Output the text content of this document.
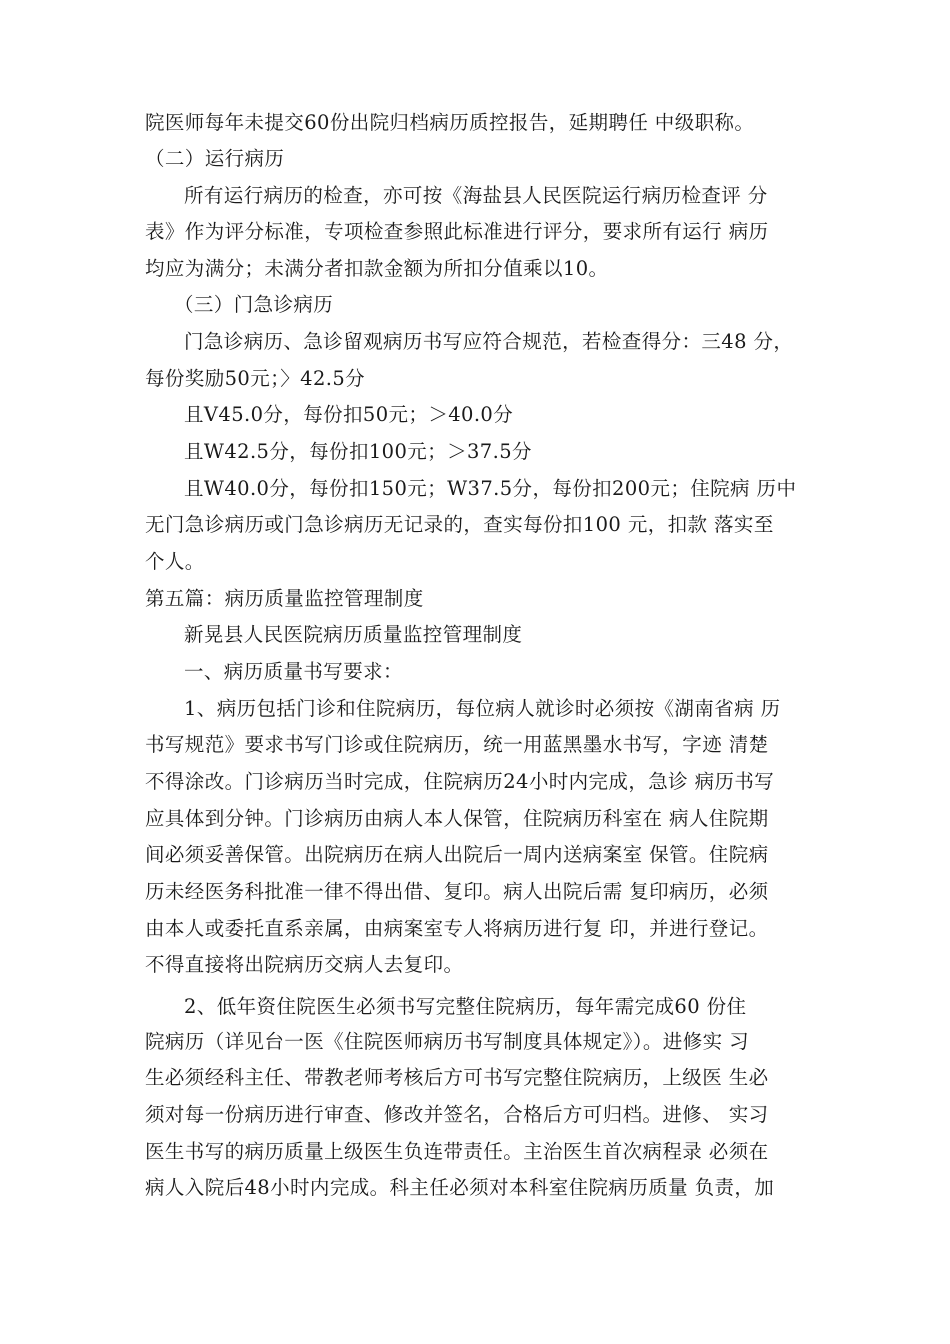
院医师每年未提交60份出院归档病历质控报告，延期聘任 中级职称。
（二）运行病历
所有运行病历的检查，亦可按《海盐县人民医院运行病历检查评 分
表》作为评分标准，专项检查参照此标准进行评分，要求所有运行 病历
均应为满分；未满分者扣款金额为所扣分值乘以10。
（三）门急诊病历
门急诊病历、急诊留观病历书写应符合规范，若检查得分：三48 分，
每份奖励50元；〉42.5分
且V45.0分，每份扣50元；＞40.0分
且W42.5分，每份扣100元；＞37.5分
且W40.0分，每份扣150元；W37.5分，每份扣200元；住院病 历中
无门急诊病历或门急诊病历无记录的，查实每份扣100 元，扣款 落实至
个人。
第五篇：病历质量监控管理制度
新晃县人民医院病历质量监控管理制度
一、病历质量书写要求：
1、病历包括门诊和住院病历，每位病人就诊时必须按《湖南省病 历
书写规范》要求书写门诊或住院病历，统一用蓝黑墨水书写，字迹 清楚
不得涂改。门诊病历当时完成，住院病历24小时内完成，急诊 病历书写
应具体到分钟。门诊病历由病人本人保管，住院病历科室在 病人住院期
间必须妥善保管。出院病历在病人出院后一周内送病案室 保管。住院病
历未经医务科批准一律不得出借、复印。病人出院后需 复印病历，必须
由本人或委托直系亲属，由病案室专人将病历进行复 印，并进行登记。
不得直接将出院病历交病人去复印。
2、低年资住院医生必须书写完整住院病历，每年需完成60 份住
院病历（详见台一医《住院医师病历书写制度具体规定》）。进修实 习
生必须经科主任、带教老师考核后方可书写完整住院病历，上级医 生必
须对每一份病历进行审查、修改并签名，合格后方可归档。进修、 实习
医生书写的病历质量上级医生负连带责任。主治医生首次病程录 必须在
病人入院后48小时内完成。科主任必须对本科室住院病历质量 负责，加
